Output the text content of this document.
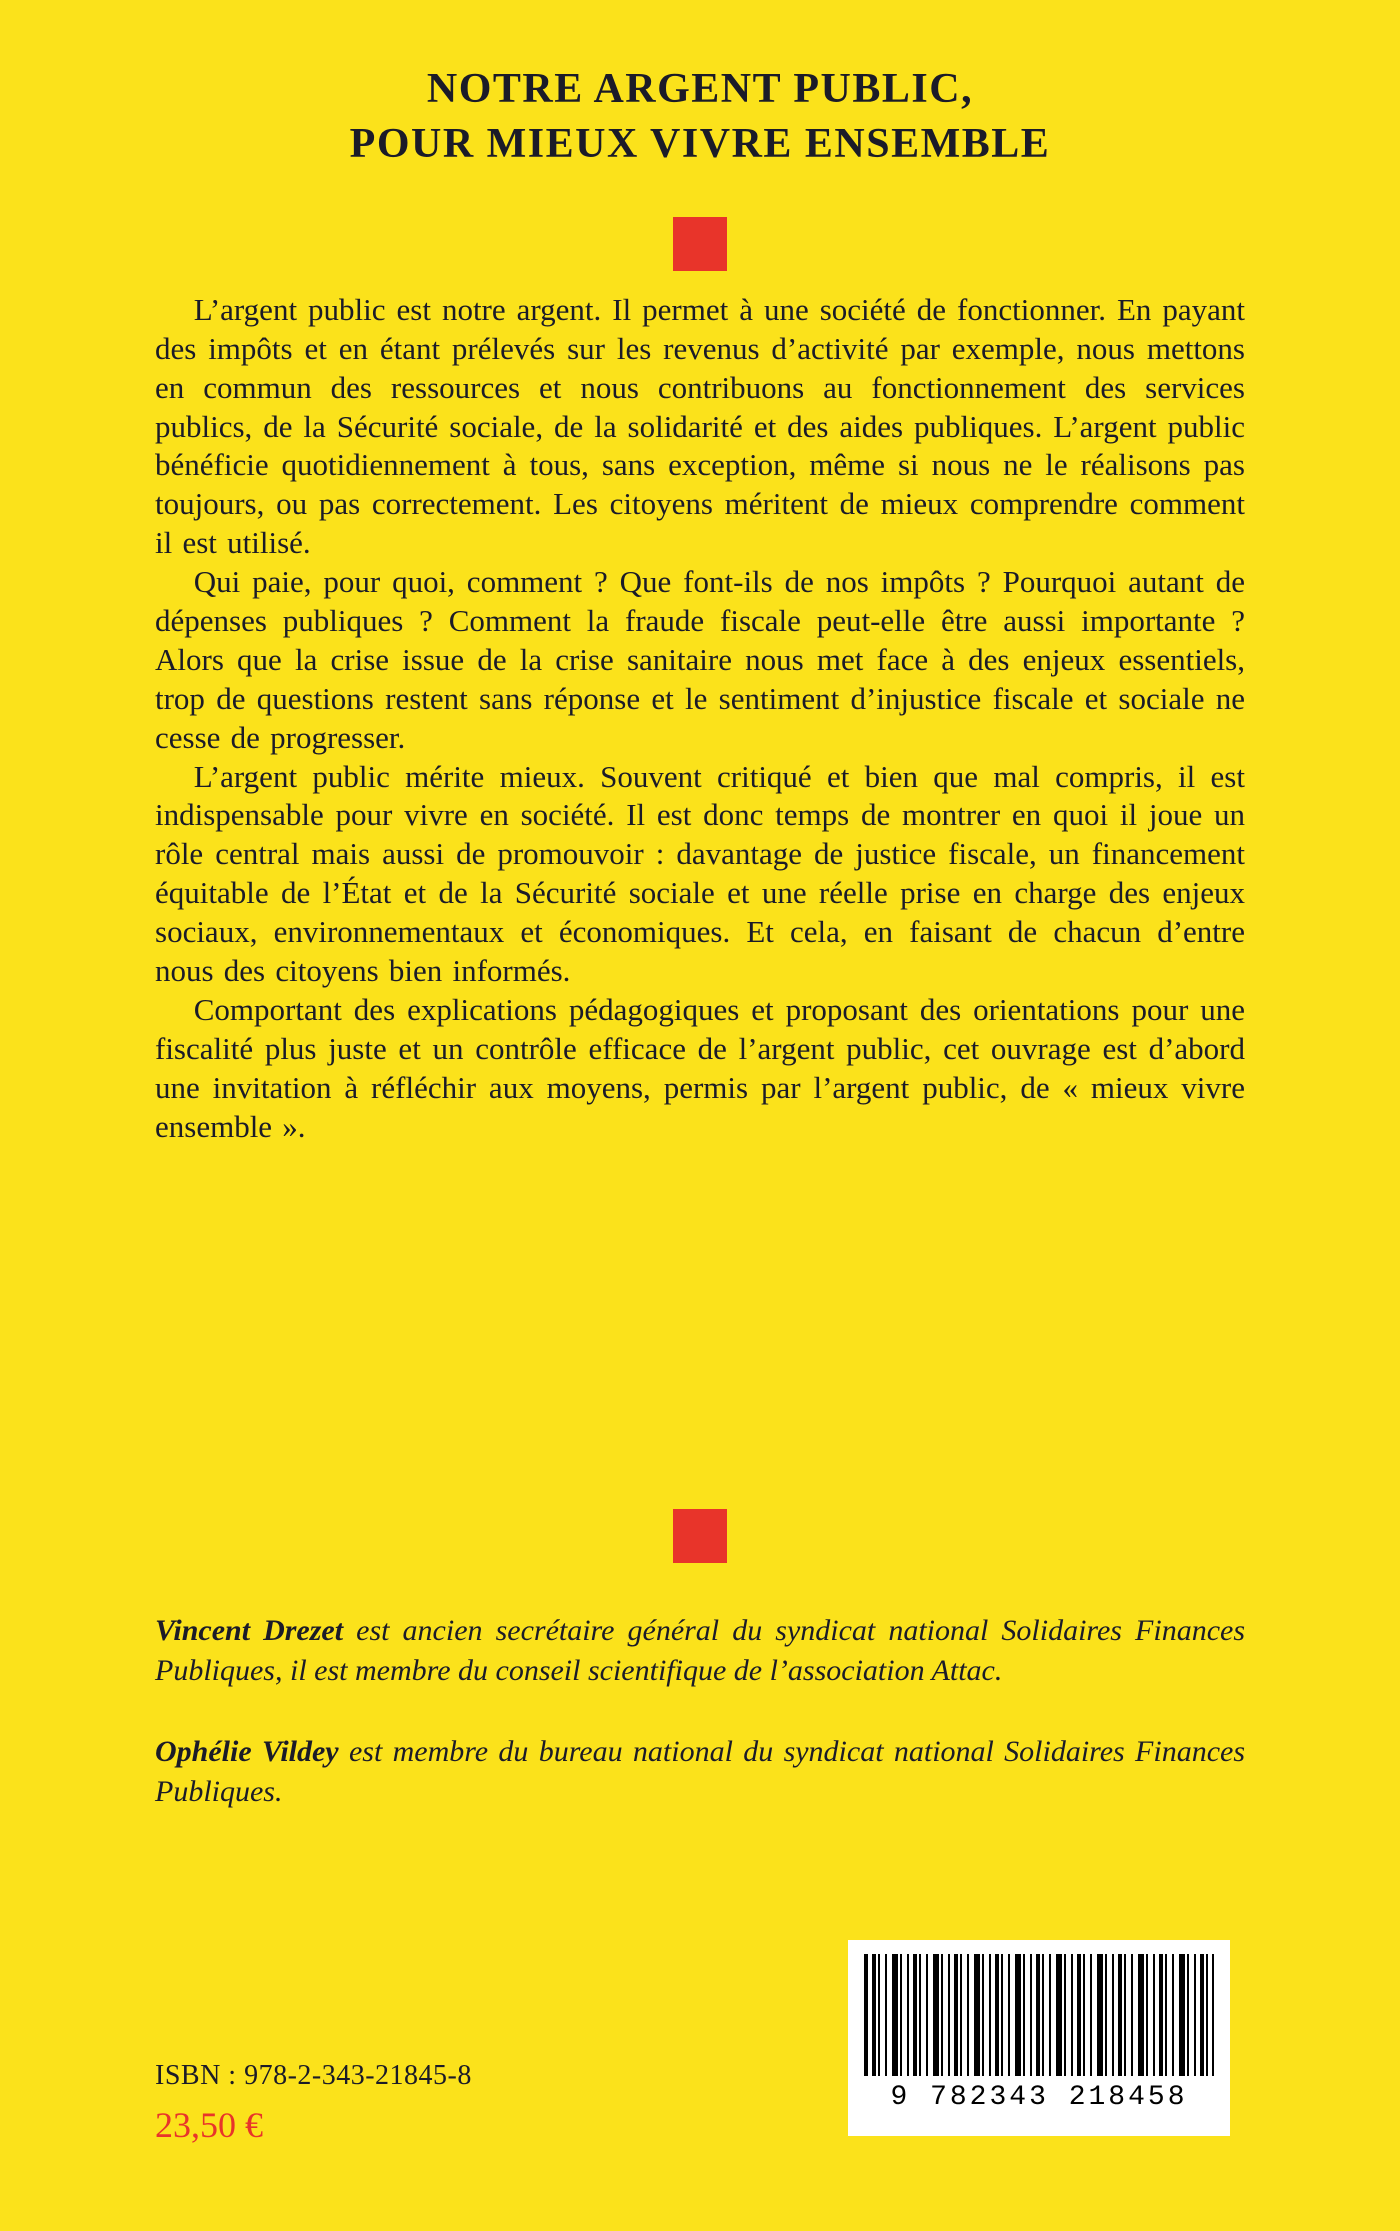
NOTRE ARGENT PUBLIC,
POUR MIEUX VIVRE ENSEMBLE

L’argent public est notre argent. Il permet à une société de fonctionner. En payant des impôts et en étant prélevés sur les revenus d’activité par exemple, nous mettons en commun des ressources et nous contribuons au fonctionnement des services publics, de la Sécurité sociale, de la solidarité et des aides publiques. L’argent public bénéficie quotidiennement à tous, sans exception, même si nous ne le réalisons pas toujours, ou pas correctement. Les citoyens méritent de mieux comprendre comment il est utilisé.

Qui paie, pour quoi, comment ? Que font-ils de nos impôts ? Pourquoi autant de dépenses publiques ? Comment la fraude fiscale peut-elle être aussi importante ? Alors que la crise issue de la crise sanitaire nous met face à des enjeux essentiels, trop de questions restent sans réponse et le sentiment d’injustice fiscale et sociale ne cesse de progresser.

L’argent public mérite mieux. Souvent critiqué et bien que mal compris, il est indispensable pour vivre en société. Il est donc temps de montrer en quoi il joue un rôle central mais aussi de promouvoir : davantage de justice fiscale, un financement équitable de l’État et de la Sécurité sociale et une réelle prise en charge des enjeux sociaux, environnementaux et économiques. Et cela, en faisant de chacun d’entre nous des citoyens bien informés.

Comportant des explications pédagogiques et proposant des orientations pour une fiscalité plus juste et un contrôle efficace de l’argent public, cet ouvrage est d’abord une invitation à réfléchir aux moyens, permis par l’argent public, de « mieux vivre ensemble ».

Vincent Drezet est ancien secrétaire général du syndicat national Solidaires Finances Publiques, il est membre du conseil scientifique de l’association Attac.

Ophélie Vildey est membre du bureau national du syndicat national Solidaires Finances Publiques.

ISBN : 978-2-343-21845-8
23,50 €
9 782343 218458
